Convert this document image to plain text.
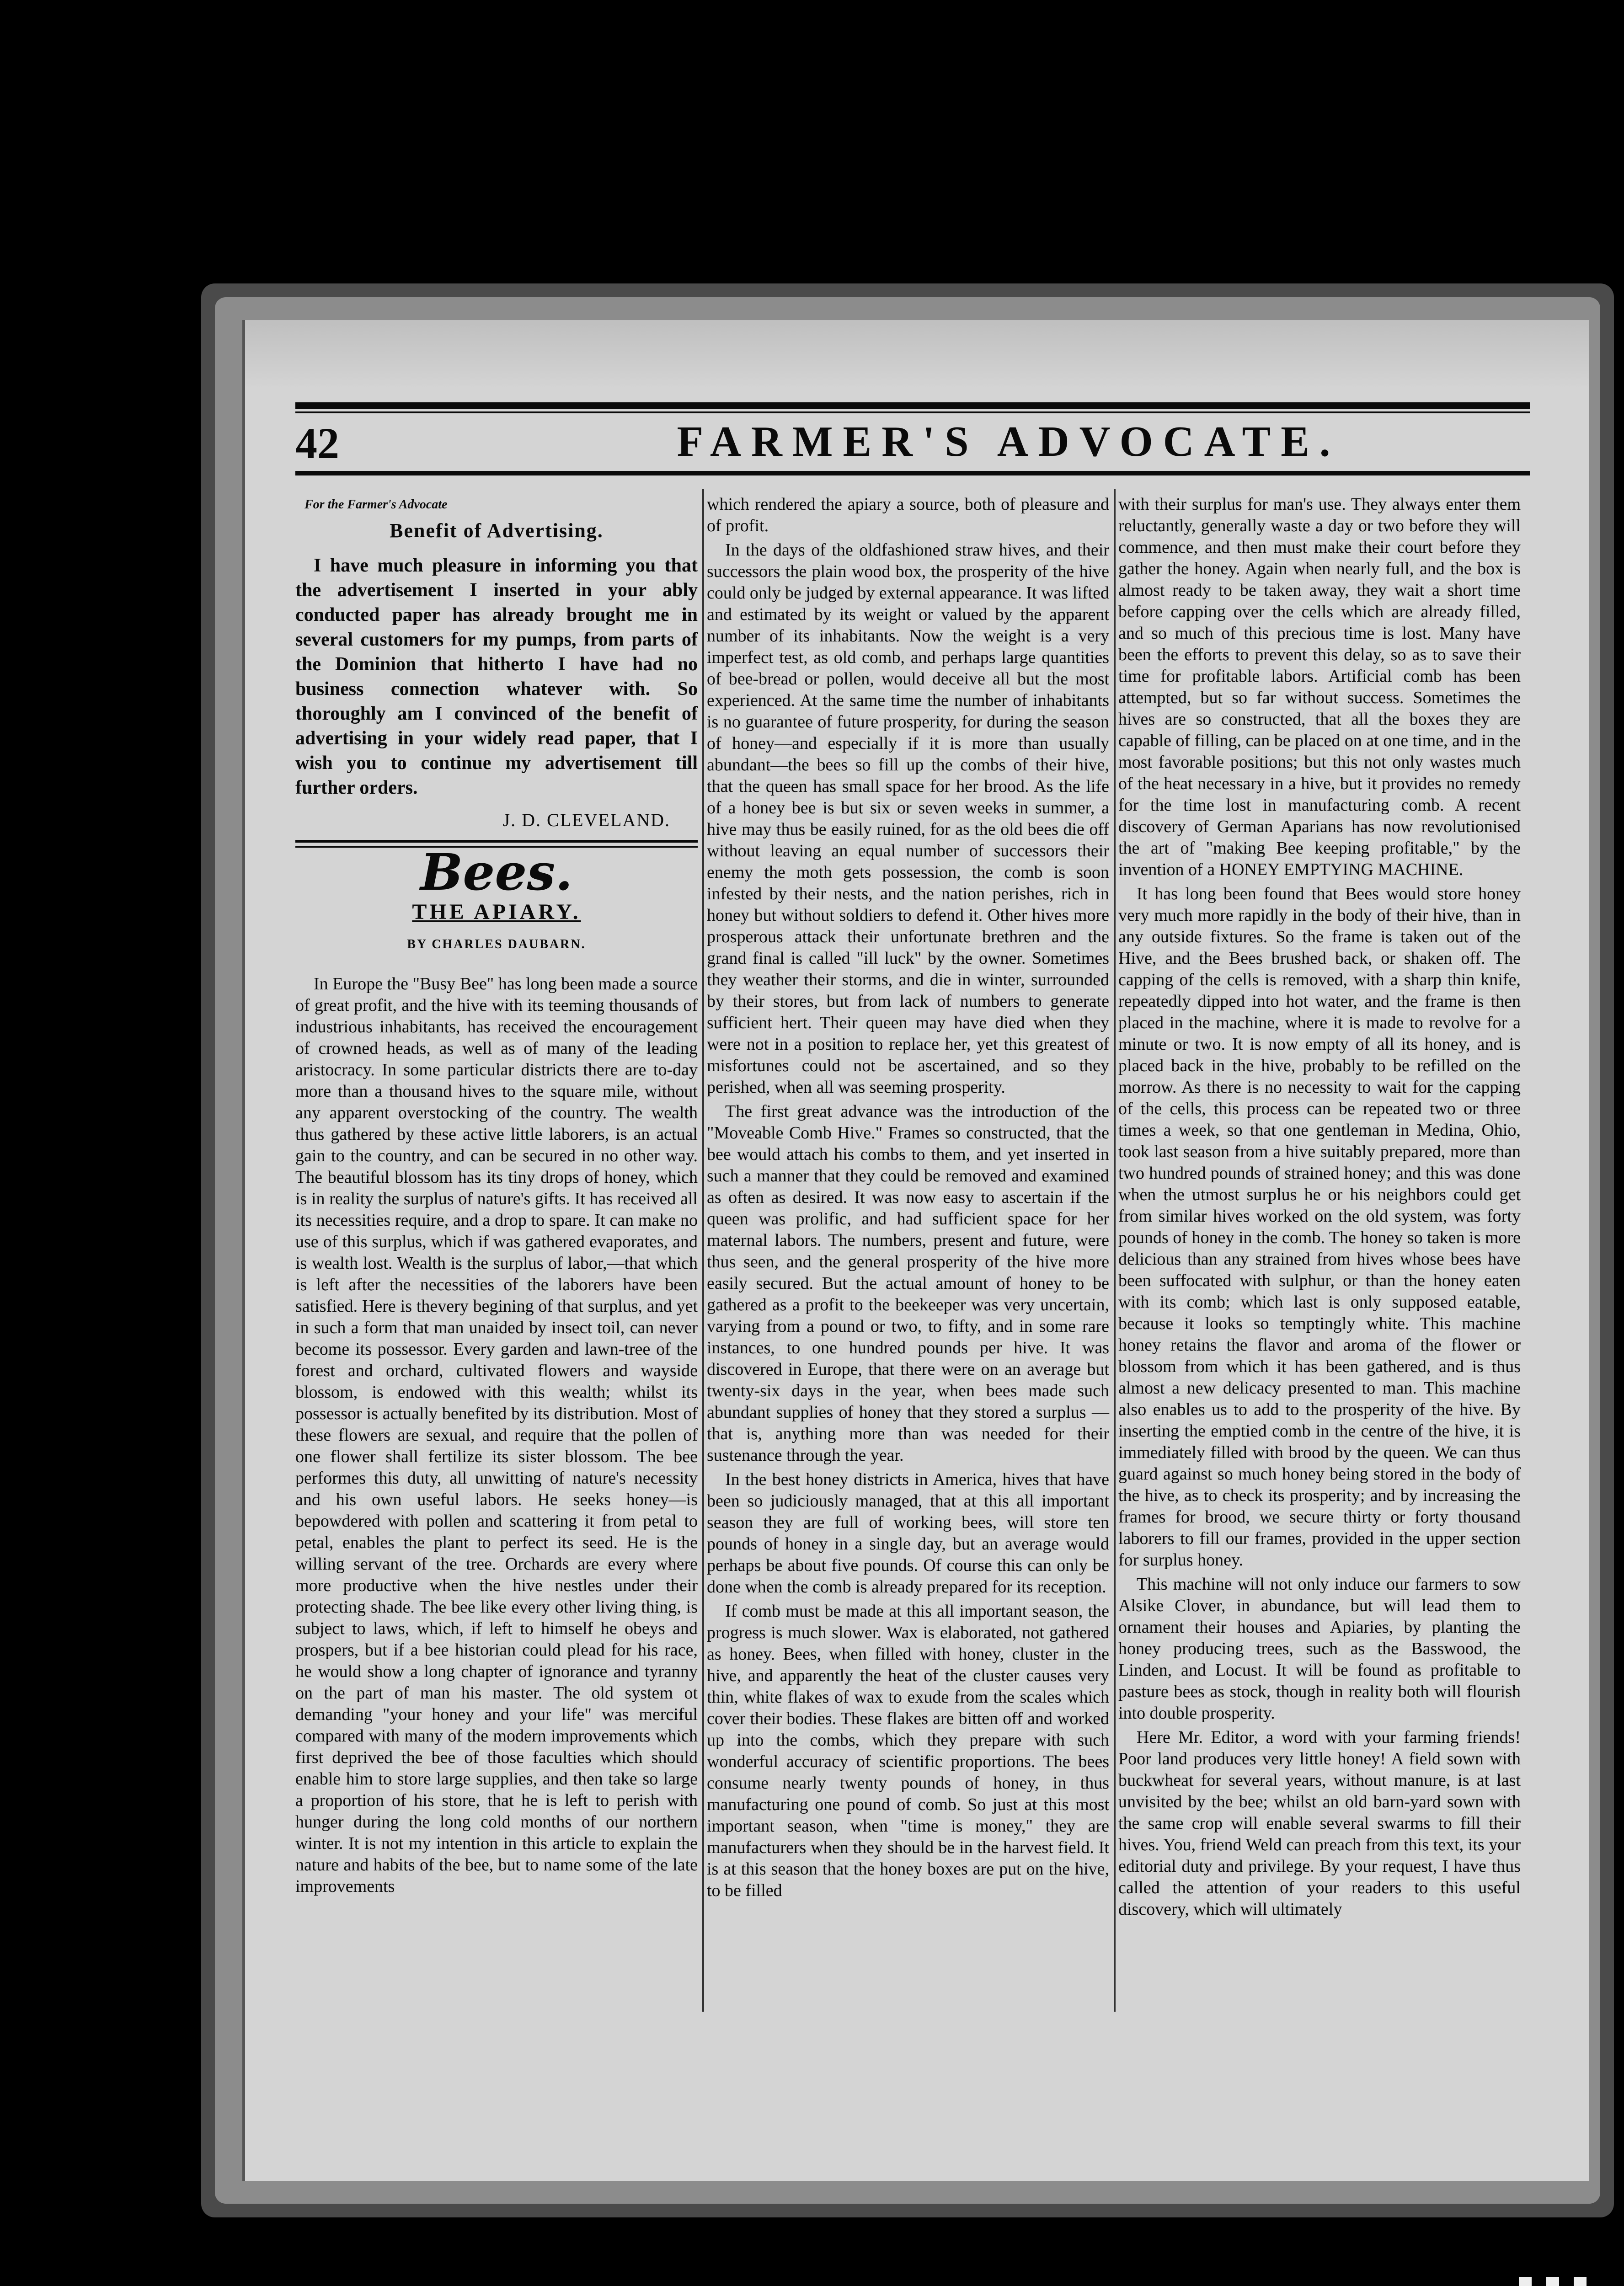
42	FARMER'S ADVOCATE.
For the Farmer's Advocate
Benefit of Advertising.

I have much pleasure in informing you that the advertisement I inserted in your ably conducted paper has already brought me in several customers for my pumps, from parts of the Dominion that hitherto I have had no business connection whatever with. So thoroughly am I convinced of the benefit of advertising in your widely read paper, that I wish you to continue my advertisement till further orders.

J. D. CLEVELAND.
Bees.
THE APIARY.
BY CHARLES DAUBARN.

In Europe the "Busy Bee" has long been made a source of great profit, and the hive with its teeming thousands of industrious inhabitants, has received the encouragement of crowned heads, as well as of many of the leading aristocracy. In some particular districts there are to-day more than a thousand hives to the square mile, without any apparent overstocking of the country. The wealth thus gathered by these active little laborers, is an actual gain to the country, and can be secured in no other way. The beautiful blossom has its tiny drops of honey, which is in reality the surplus of nature's gifts. It has received all its necessities require, and a drop to spare. It can make no use of this surplus, which if was gathered evaporates, and is wealth lost. Wealth is the surplus of labor,—that which is left after the necessities of the laborers have been satisfied. Here is thevery begining of that surplus, and yet in such a form that man unaided by insect toil, can never become its possessor. Every garden and lawn-tree of the forest and orchard, cultivated flowers and wayside blossom, is endowed with this wealth; whilst its possessor is actually benefited by its distribution. Most of these flowers are sexual, and require that the pollen of one flower shall fertilize its sister blossom. The bee performes this duty, all unwitting of nature's necessity and his own useful labors. He seeks honey—is bepowdered with pollen and scattering it from petal to petal, enables the plant to perfect its seed. He is the willing servant of the tree. Orchards are every where more productive when the hive nestles under their protecting shade. The bee like every other living thing, is subject to laws, which, if left to himself he obeys and prospers, but if a bee historian could plead for his race, he would show a long chapter of ignorance and tyranny on the part of man his master. The old system ot demanding "your honey and your life" was merciful compared with many of the modern improvements which first deprived the bee of those faculties which should enable him to store large supplies, and then take so large a proportion of his store, that he is left to perish with hunger during the long cold months of our northern winter. It is not my intention in this article to explain the nature and habits of the bee, but to name some of the late improvements

which rendered the apiary a source, both of pleasure and of profit.

In the days of the oldfashioned straw hives, and their successors the plain wood box, the prosperity of the hive could only be judged by external appearance. It was lifted and estimated by its weight or valued by the apparent number of its inhabitants. Now the weight is a very imperfect test, as old comb, and perhaps large quantities of bee-bread or pollen, would deceive all but the most experienced. At the same time the number of inhabitants is no guarantee of future prosperity, for during the season of honey—and especially if it is more than usually abundant—the bees so fill up the combs of their hive, that the queen has small space for her brood. As the life of a honey bee is but six or seven weeks in summer, a hive may thus be easily ruined, for as the old bees die off without leaving an equal number of successors their enemy the moth gets possession, the comb is soon infested by their nests, and the nation perishes, rich in honey but without soldiers to defend it. Other hives more prosperous attack their unfortunate brethren and the grand final is called "ill luck" by the owner. Sometimes they weather their storms, and die in winter, surrounded by their stores, but from lack of numbers to generate sufficient hert. Their queen may have died when they were not in a position to replace her, yet this greatest of misfortunes could not be ascertained, and so they perished, when all was seeming prosperity.

The first great advance was the introduction of the "Moveable Comb Hive." Frames so constructed, that the bee would attach his combs to them, and yet inserted in such a manner that they could be removed and examined as often as desired. It was now easy to ascertain if the queen was prolific, and had sufficient space for her maternal labors. The numbers, present and future, were thus seen, and the general prosperity of the hive more easily secured. But the actual amount of honey to be gathered as a profit to the beekeeper was very uncertain, varying from a pound or two, to fifty, and in some rare instances, to one hundred pounds per hive. It was discovered in Europe, that there were on an average but twenty-six days in the year, when bees made such abundant supplies of honey that they stored a surplus —that is, anything more than was needed for their sustenance through the year.

In the best honey districts in America, hives that have been so judiciously managed, that at this all important season they are full of working bees, will store ten pounds of honey in a single day, but an average would perhaps be about five pounds. Of course this can only be done when the comb is already prepared for its reception.

If comb must be made at this all important season, the progress is much slower. Wax is elaborated, not gathered as honey. Bees, when filled with honey, cluster in the hive, and apparently the heat of the cluster causes very thin, white flakes of wax to exude from the scales which cover their bodies. These flakes are bitten off and worked up into the combs, which they prepare with such wonderful accuracy of scientific proportions. The bees consume nearly twenty pounds of honey, in thus manufacturing one pound of comb. So just at this most important season, when "time is money," they are manufacturers when they should be in the harvest field. It is at this season that the honey boxes are put on the hive, to be filled

with their surplus for man's use. They always enter them reluctantly, generally waste a day or two before they will commence, and then must make their court before they gather the honey. Again when nearly full, and the box is almost ready to be taken away, they wait a short time before capping over the cells which are already filled, and so much of this precious time is lost. Many have been the efforts to prevent this delay, so as to save their time for profitable labors. Artificial comb has been attempted, but so far without success. Sometimes the hives are so constructed, that all the boxes they are capable of filling, can be placed on at one time, and in the most favorable positions; but this not only wastes much of the heat necessary in a hive, but it provides no remedy for the time lost in manufacturing comb. A recent discovery of German Aparians has now revolutionised the art of "making Bee keeping profitable," by the invention of a HONEY EMPTYING MACHINE.

It has long been found that Bees would store honey very much more rapidly in the body of their hive, than in any outside fixtures. So the frame is taken out of the Hive, and the Bees brushed back, or shaken off. The capping of the cells is removed, with a sharp thin knife, repeatedly dipped into hot water, and the frame is then placed in the machine, where it is made to revolve for a minute or two. It is now empty of all its honey, and is placed back in the hive, probably to be refilled on the morrow. As there is no necessity to wait for the capping of the cells, this process can be repeated two or three times a week, so that one gentleman in Medina, Ohio, took last season from a hive suitably prepared, more than two hundred pounds of strained honey; and this was done when the utmost surplus he or his neighbors could get from similar hives worked on the old system, was forty pounds of honey in the comb. The honey so taken is more delicious than any strained from hives whose bees have been suffocated with sulphur, or than the honey eaten with its comb; which last is only supposed eatable, because it looks so temptingly white. This machine honey retains the flavor and aroma of the flower or blossom from which it has been gathered, and is thus almost a new delicacy presented to man. This machine also enables us to add to the prosperity of the hive. By inserting the emptied comb in the centre of the hive, it is immediately filled with brood by the queen. We can thus guard against so much honey being stored in the body of the hive, as to check its prosperity; and by increasing the frames for brood, we secure thirty or forty thousand laborers to fill our frames, provided in the upper section for surplus honey.

This machine will not only induce our farmers to sow Alsike Clover, in abundance, but will lead them to ornament their houses and Apiaries, by planting the honey producing trees, such as the Basswood, the Linden, and Locust. It will be found as profitable to pasture bees as stock, though in reality both will flourish into double prosperity.

Here Mr. Editor, a word with your farming friends! Poor land produces very little honey! A field sown with buckwheat for several years, without manure, is at last unvisited by the bee; whilst an old barn-yard sown with the same crop will enable several swarms to fill their hives. You, friend Weld can preach from this text, its your editorial duty and privilege. By your request, I have thus called the attention of your readers to this useful discovery, which will ultimately
